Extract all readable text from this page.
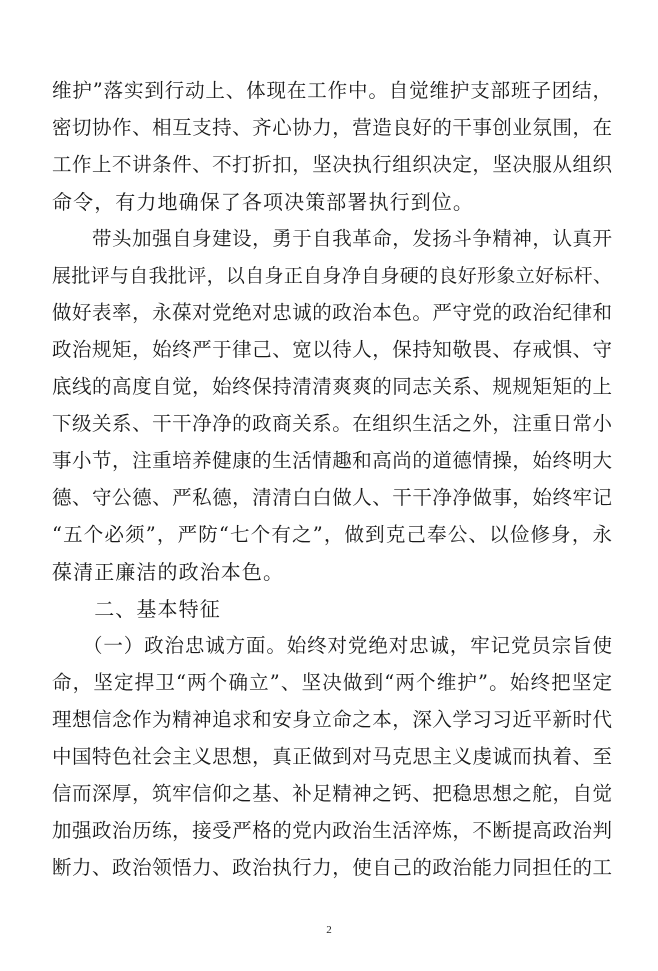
维护”落实到行动上、体现在工作中。自觉维护支部班子团结，
密切协作、相互支持、齐心协力，营造良好的干事创业氛围，在
工作上不讲条件、不打折扣，坚决执行组织决定，坚决服从组织
命令，有力地确保了各项决策部署执行到位。
　　带头加强自身建设，勇于自我革命，发扬斗争精神，认真开
展批评与自我批评，以自身正自身净自身硬的良好形象立好标杆、
做好表率，永葆对党绝对忠诚的政治本色。严守党的政治纪律和
政治规矩，始终严于律己、宽以待人，保持知敬畏、存戒惧、守
底线的高度自觉，始终保持清清爽爽的同志关系、规规矩矩的上
下级关系、干干净净的政商关系。在组织生活之外，注重日常小
事小节，注重培养健康的生活情趣和高尚的道德情操，始终明大
德、守公德、严私德，清清白白做人、干干净净做事，始终牢记
“五个必须”，严防“七个有之”，做到克己奉公、以俭修身，永
葆清正廉洁的政治本色。
　　二、基本特征
　　（一）政治忠诚方面。始终对党绝对忠诚，牢记党员宗旨使
命，坚定捍卫“两个确立”、坚决做到“两个维护”。始终把坚定
理想信念作为精神追求和安身立命之本，深入学习习近平新时代
中国特色社会主义思想，真正做到对马克思主义虔诚而执着、至
信而深厚，筑牢信仰之基、补足精神之钙、把稳思想之舵，自觉
加强政治历练，接受严格的党内政治生活淬炼，不断提高政治判
断力、政治领悟力、政治执行力，使自己的政治能力同担任的工
2
